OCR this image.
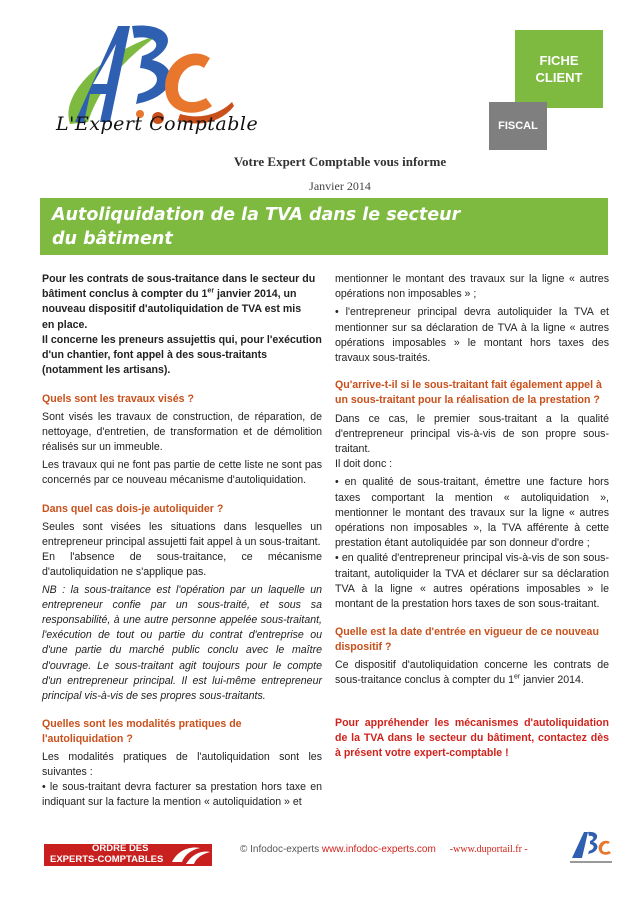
L'Expert Comptable
FICHE
CLIENT
FISCAL
Votre Expert Comptable vous informe
Janvier 2014
Autoliquidation de la TVA dans le secteur
du bâtiment
Pour les contrats de sous-traitance dans le secteur du
bâtiment conclus à compter du 1er janvier 2014, un
nouveau dispositif d'autoliquidation de TVA est mis
en place.
Il concerne les preneurs assujettis qui, pour l'exécution
d'un chantier, font appel à des sous-traitants
(notamment les artisans).

Quels sont les travaux visés ?

Sont visés les travaux de construction, de réparation, de nettoyage, d'entretien, de transformation et de démolition réalisés sur un immeuble.

Les travaux qui ne font pas partie de cette liste ne sont pas concernés par ce nouveau mécanisme d'autoliquidation.

Dans quel cas dois-je autoliquider ?

Seules sont visées les situations dans lesquelles un entrepreneur principal assujetti fait appel à un sous-traitant.

En l'absence de sous-traitance, ce mécanisme d'autoliquidation ne s'applique pas.

NB : la sous-traitance est l'opération par un laquelle un entrepreneur confie par un sous-traité, et sous sa responsabilité, à une autre personne appelée sous-traitant, l'exécution de tout ou partie du contrat d'entreprise ou d'une partie du marché public conclu avec le maître d'ouvrage. Le sous-traitant agit toujours pour le compte d'un entrepreneur principal. Il est lui-même entrepreneur principal vis-à-vis de ses propres sous-traitants.

Quelles sont les modalités pratiques de l'autoliquidation ?

Les modalités pratiques de l'autoliquidation sont les suivantes :

• le sous-traitant devra facturer sa prestation hors taxe en indiquant sur la facture la mention « autoliquidation » et

mentionner le montant des travaux sur la ligne « autres opérations non imposables » ;

• l'entrepreneur principal devra autoliquider la TVA et mentionner sur sa déclaration de TVA à la ligne « autres opérations imposables » le montant hors taxes des travaux sous-traités.

Qu'arrive-t-il si le sous-traitant fait également appel à un sous-traitant pour la réalisation de la prestation ?

Dans ce cas, le premier sous-traitant a la qualité d'entrepreneur principal vis-à-vis de son propre sous-traitant.

Il doit donc :

• en qualité de sous-traitant, émettre une facture hors taxes comportant la mention « autoliquidation », mentionner le montant des travaux sur la ligne « autres opérations non imposables », la TVA afférente à cette prestation étant autoliquidée par son donneur d'ordre ;

• en qualité d'entrepreneur principal vis-à-vis de son sous-traitant, autoliquider la TVA et déclarer sur sa déclaration TVA à la ligne « autres opérations imposables » le montant de la prestation hors taxes de son sous-traitant.

Quelle est la date d'entrée en vigueur de ce nouveau dispositif ?

Ce dispositif d'autoliquidation concerne les contrats de sous-traitance conclus à compter du 1er janvier 2014.

Pour appréhender les mécanismes d'autoliquidation de la TVA dans le secteur du bâtiment, contactez dès à présent votre expert-comptable !

ORDRE DES
EXPERTS-COMPTABLES
© Infodoc-experts www.infodoc-experts.com -www.duportail.fr -
